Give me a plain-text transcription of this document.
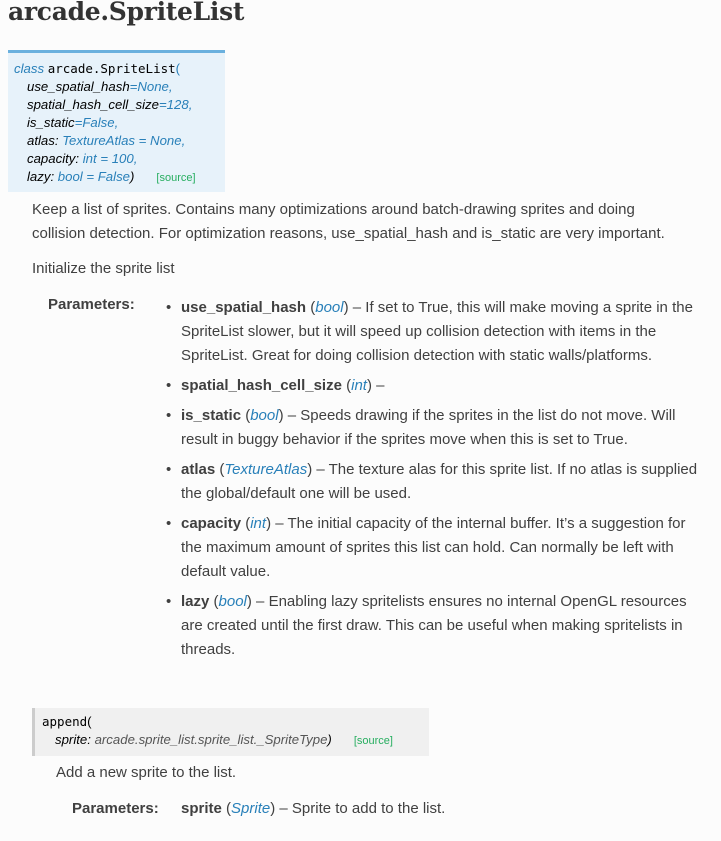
arcade.SpriteList
class arcade.SpriteList(
use_spatial_hash=None,
spatial_hash_cell_size=128,
is_static=False,
atlas: TextureAtlas = None,
capacity: int = 100,
lazy: bool = False) [source]

Keep a list of sprites. Contains many optimizations around batch-drawing sprites and doing
collision detection. For optimization reasons, use_spatial_hash and is_static are very important.

Initialize the sprite list

Parameters: • use_spatial_hash (bool) – If set to True, this will make moving a sprite in the SpriteList slower, but it will speed up collision detection with items in the SpriteList. Great for doing collision detection with static walls/platforms.
• spatial_hash_cell_size (int) –
• is_static (bool) – Speeds drawing if the sprites in the list do not move. Will result in buggy behavior if the sprites move when this is set to True.
• atlas (TextureAtlas) – The texture alas for this sprite list. If no atlas is supplied the global/default one will be used.
• capacity (int) – The initial capacity of the internal buffer. It’s a suggestion for the maximum amount of sprites this list can hold. Can normally be left with default value.
• lazy (bool) – Enabling lazy spritelists ensures no internal OpenGL resources are created until the first draw. This can be useful when making spritelists in threads.
append(
sprite: arcade.sprite_list.sprite_list._SpriteType) [source]

Add a new sprite to the list.

Parameters: sprite (Sprite) – Sprite to add to the list.
